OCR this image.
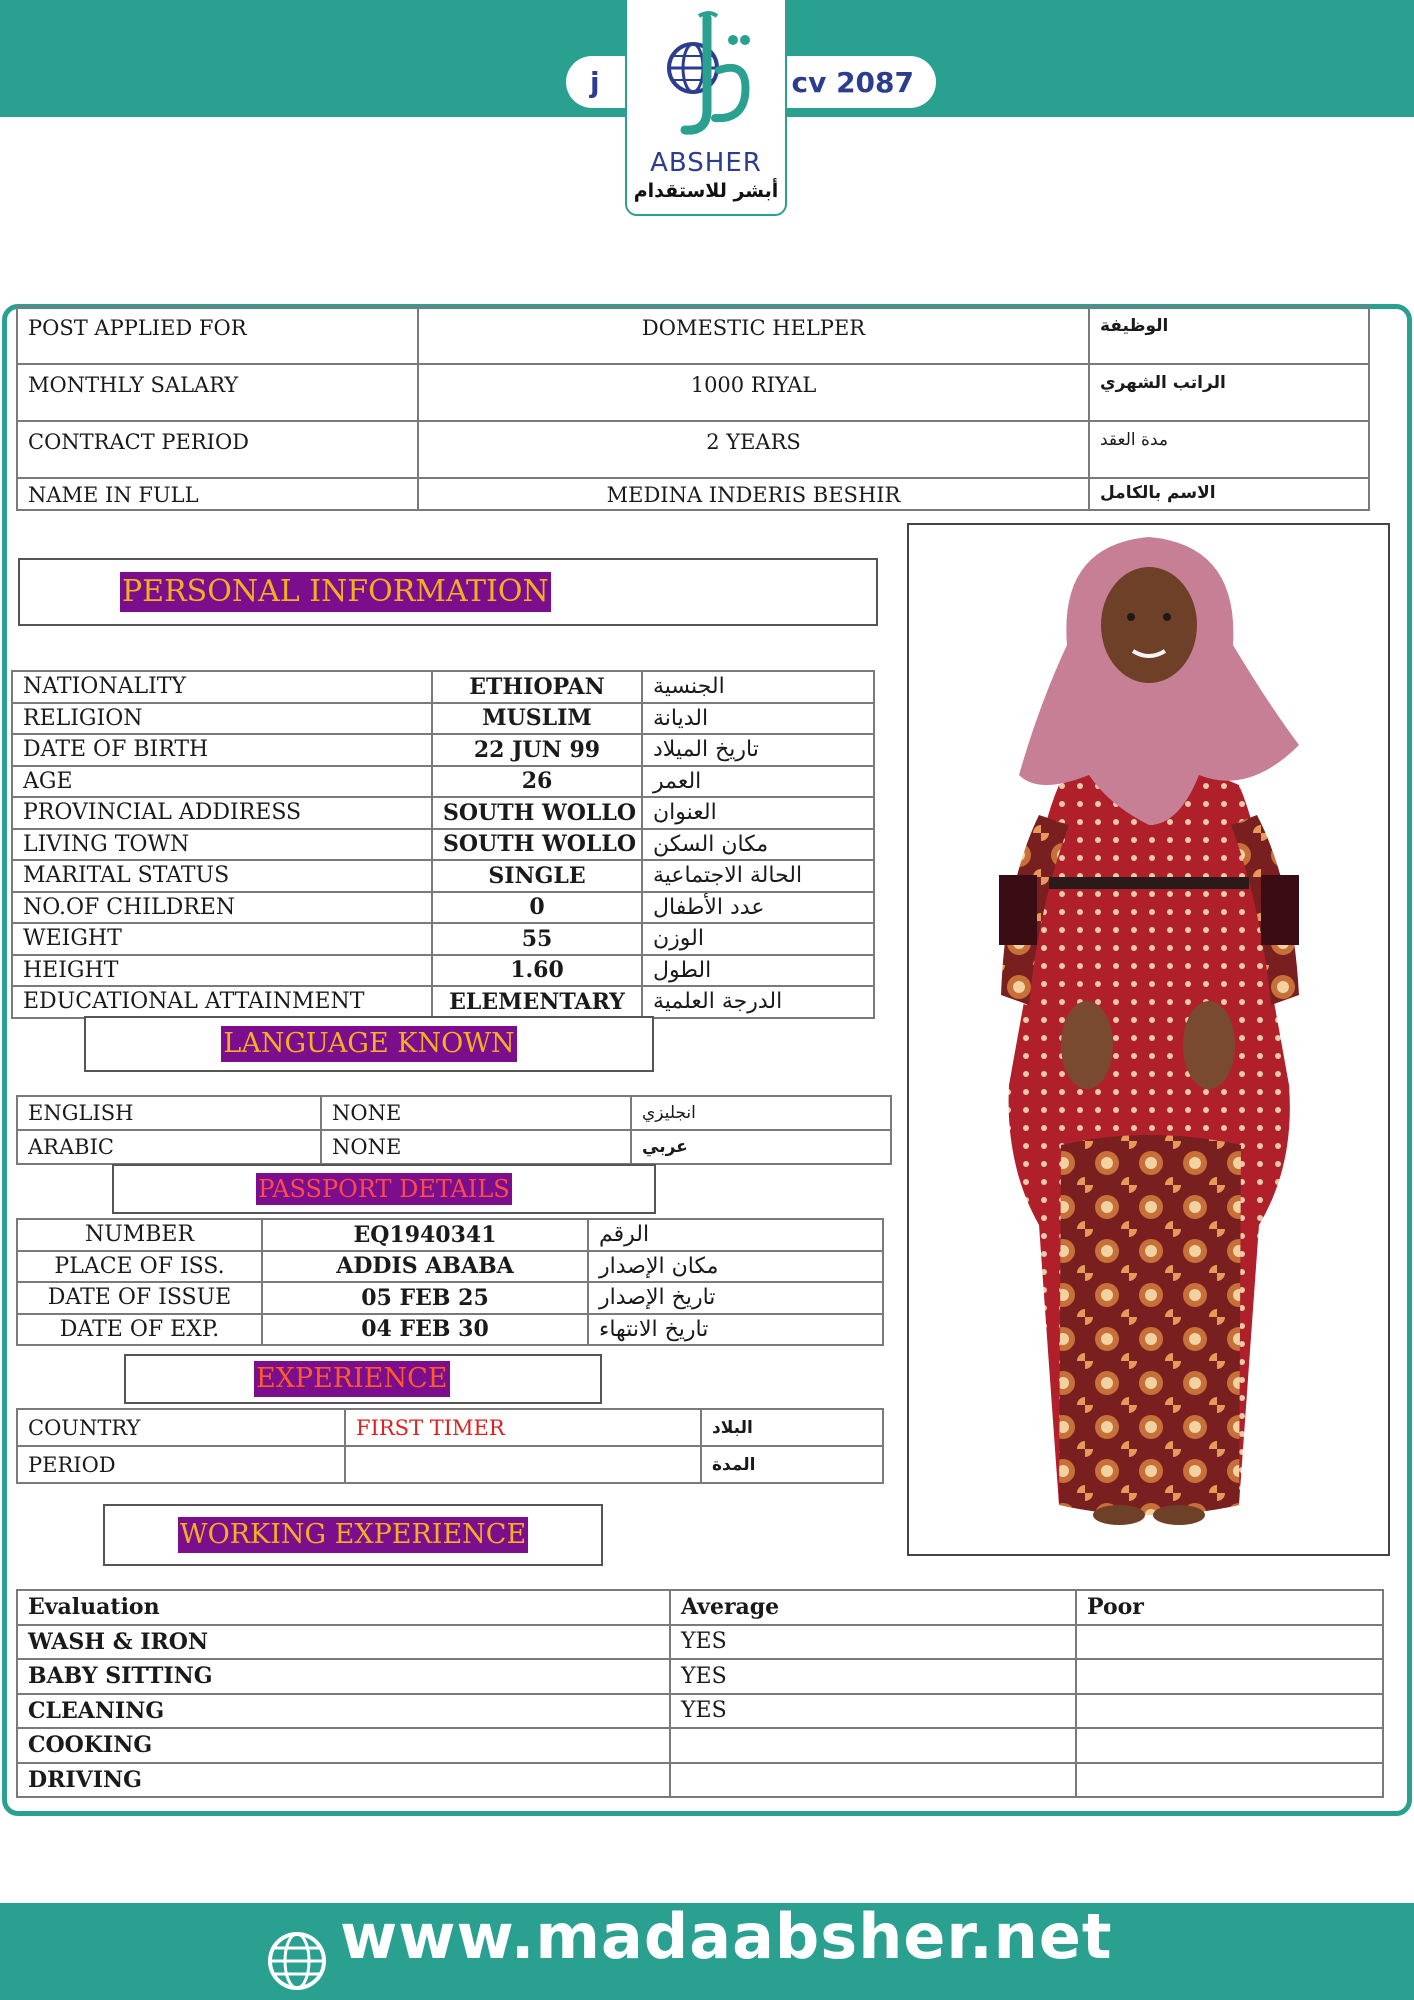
j	cv 2087
ABSHER
أبشر للاستقدام
POST APPLIED FOR	DOMESTIC HELPER	الوظيفة
MONTHLY SALARY	1000 RIYAL	الراتب الشهري
CONTRACT PERIOD	2 YEARS	مدة العقد
NAME IN FULL	MEDINA INDERIS BESHIR	الاسم بالكامل
PERSONAL INFORMATION
NATIONALITY	ETHIOPAN	الجنسية
RELIGION	MUSLIM	الديانة
DATE OF BIRTH	22 JUN 99	تاريخ الميلاد
AGE	26	العمر
PROVINCIAL ADDIRESS	SOUTH WOLLO	العنوان
LIVING TOWN	SOUTH WOLLO	مكان السكن
MARITAL STATUS	SINGLE	الحالة الاجتماعية
NO.OF CHILDREN	0	عدد الأطفال
WEIGHT	55	الوزن
HEIGHT	1.60	الطول
EDUCATIONAL ATTAINMENT	ELEMENTARY	الدرجة العلمية
LANGUAGE KNOWN
ENGLISH	NONE	انجليزي
ARABIC	NONE	عربي
PASSPORT DETAILS
NUMBER	EQ1940341	الرقم
PLACE OF ISS.	ADDIS ABABA	مكان الإصدار
DATE OF ISSUE	05 FEB 25	تاريخ الإصدار
DATE OF EXP.	04 FEB 30	تاريخ الانتهاء
EXPERIENCE
COUNTRY	FIRST TIMER	البلاد
PERIOD		المدة
WORKING EXPERIENCE
Evaluation	Average	Poor
WASH & IRON	YES	
BABY SITTING	YES	
CLEANING	YES	
COOKING		
DRIVING		
www.madaabsher.net
